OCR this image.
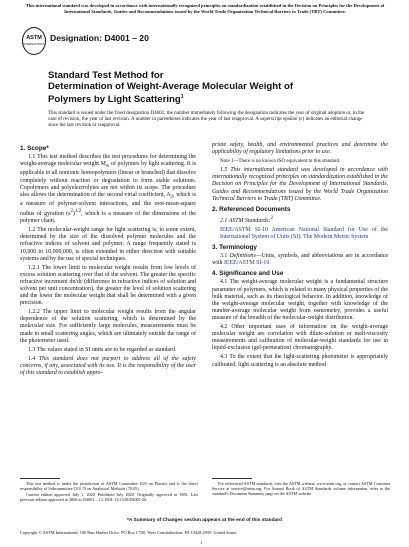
This international standard was developed in accordance with internationally recognized principles on standardization established in the Decision on Principles for the Development of International Standards, Guides and Recommendations issued by the World Trade Organization Technical Barriers to Trade (TBT) Committee.
ASTM
INTERNATIONAL
Designation: D4001 – 20
Standard Test Method for
Determination of Weight-Average Molecular Weight of
Polymers by Light Scattering$^1$
This standard is issued under the fixed designation D4001; the number immediately following the designation indicates the year of original adoption or, in the case of revision, the year of last revision. A number in parentheses indicates the year of last reapproval. A superscript epsilon (ε) indicates an editorial change since the last revision or reapproval.
1. Scope*

1.1 This test method describes the test procedures for determining the weight-average molecular weight $M_w$ of polymers by light scattering. It is applicable to all nonionic homopolymers (linear or branched) that dissolve completely without reaction or degradation to form stable solutions. Copolymers and polyelectrolytes are not within its scope. The procedure also allows the determination of the second virial coefficient, $A_2$, which is a measure of polymer-solvent interactions, and the root-mean-square radius of gyration $(s^2)^{1/2}$, which is a measure of the dimensions of the polymer chain.

1.2 The molecular-weight range for light scattering is, to some extent, determined by the size of the dissolved polymer molecules and the refractive indices of solvent and polymer. A range frequently stated is 10,000 to 10,000,000, is often extended in either direction with suitable systems and by the use of special techniques.

1.2.1 The lower limit to molecular weight results from low levels of excess solution scattering over that of the solvent. The greater the specific refractive increment dn/dc (difference in refractive indices of solution and solvent per unit concentration), the greater the level of solution scattering and the lower the molecular weight that shall be determined with a given precision.

1.2.2 The upper limit to molecular weight results from the angular dependence of the solution scattering, which is determined by the molecular size. For sufficiently large molecules, measurements must be made in small scattering angles, which are ultimately outside the range of the photometer used.

1.3 The values stated in SI units are to be regarded as standard.

1.4 This standard does not purport to address all of the safety concerns, if any, associated with its use. It is the responsibility of the user of this standard to establish appro-

priate safety, health, and environmental practices and determine the applicability of regulatory limitations prior to use.

Note 1—There is no known ISO equivalent to this standard.

1.5 This international standard was developed in accordance with internationally recognized principles on standardization established in the Decision on Principles for the Development of International Standards, Guides and Recommendations issued by the World Trade Organization Technical Barriers to Trade (TBT) Committee.

2. Referenced Documents

2.1 ASTM Standards:$^2$

IEEE/ASTM SI-10 American National Standard for Use of the International System of Units (SI): The Modern Metric System

3. Terminology

3.1 Definitions—Units, symbols, and abbreviations are in accordance with IEEE/ASTM SI-10.

4. Significance and Use

4.1 The weight-average molecular weight is a fundamental structure parameter of polymers, which is related to many physical properties of the bulk material, such as its rheological behavior. In addition, knowledge of the weight-average molecular weight, together with knowledge of the number-average molecular weight from osmometry, provides a useful measure of the breadth of the molecular-weight distribution.

4.2 Other important uses of information on the weight-average molecular weight are correlation with dilute-solution or melt-viscosity measurements and calibration of molecular-weight standards for use in liquid-exclusion (gel-permeation) chromatography.

4.3 To the extent that the light-scattering photometer is appropriately calibrated, light scattering is an absolute method

This test method is under the jurisdiction of ASTM Committee D20 on Plastics and is the direct responsibility of Subcommittee D20.70 on Analytical Methods (70.05).

Current edition approved July 1, 2020. Published July 2020. Originally approved in 1981. Last previous edition approved in 2006 as D4001 – 13. DOI: 10.1520/D4001-20.

For referenced ASTM standards, visit the ASTM website, www.astm.org, or contact ASTM Customer Service at service@astm.org. For Annual Book of ASTM Standards volume information, refer to the standard's Document Summary page on the ASTM website.
*A Summary of Changes section appears at the end of this standard
Copyright © ASTM International, 100 Barr Harbor Drive, PO Box C700, West Conshohocken, PA 19428-2959. United States
1
